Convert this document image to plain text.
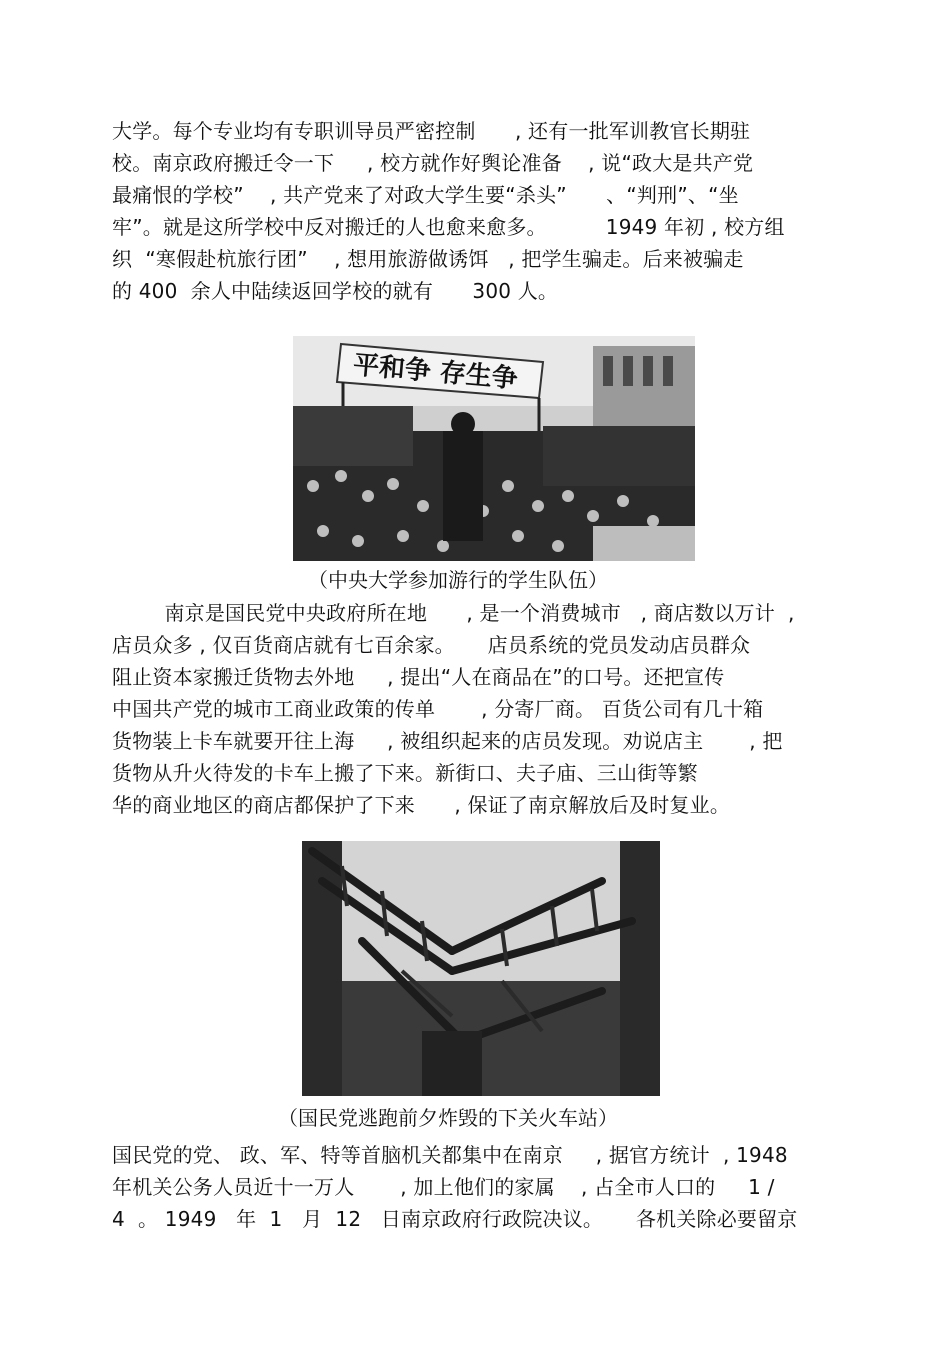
大学。每个专业均有专职训导员严密控制      , 还有一批军训教官长期驻
校。南京政府搬迁令一下     , 校方就作好舆论准备    , 说“政大是共产党
最痛恨的学校”    , 共产党来了对政大学生要“杀头”      、“判刑”、“坐
牢”。就是这所学校中反对搬迁的人也愈来愈多。         1949 年初 , 校方组
织  “寒假赴杭旅行团”    , 想用旅游做诱饵   , 把学生骗走。后来被骗走
的 400  余人中陆续返回学校的就有      300 人。
平和争 存生争
（中央大学参加游行的学生队伍）
南京是国民党中央政府所在地      , 是一个消费城市   , 商店数以万计  ,
店员众多 , 仅百货商店就有七百余家。     店员系统的党员发动店员群众
阻止资本家搬迁货物去外地     , 提出“人在商品在”的口号。还把宣传
中国共产党的城市工商业政策的传单       , 分寄厂商。 百货公司有几十箱
货物装上卡车就要开往上海     , 被组织起来的店员发现。劝说店主       , 把
货物从升火待发的卡车上搬了下来。新街口、夫子庙、三山街等繁
华的商业地区的商店都保护了下来      , 保证了南京解放后及时复业。
（国民党逃跑前夕炸毁的下关火车站）
国民党的党、 政、军、特等首脑机关都集中在南京     , 据官方统计  , 1948
年机关公务人员近十一万人       , 加上他们的家属    , 占全市人口的     1 /
4  。 1949   年  1   月  12   日南京政府行政院决议。     各机关除必要留京
